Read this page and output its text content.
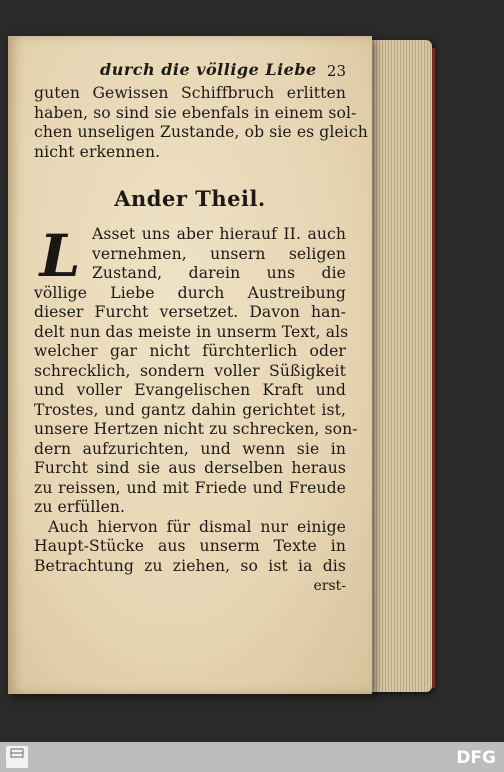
durch die völlige Liebe 23
guten Gewissen Schiffbruch erlitten
haben, so sind sie ebenfals in einem sol-
chen unseligen Zustande, ob sie es gleich
nicht erkennen.
Ander Theil.
L Asset uns aber hierauf II. auch
vernehmen, unsern seligen
Zustand, darein uns die
völlige Liebe durch Austreibung
dieser Furcht versetzet. Davon han-
delt nun das meiste in unserm Text, als
welcher gar nicht fürchterlich oder
schrecklich, sondern voller Süßigkeit
und voller Evangelischen Kraft und
Trostes, und gantz dahin gerichtet ist,
unsere Hertzen nicht zu schrecken, son-
dern aufzurichten, und wenn sie in
Furcht sind sie aus derselben heraus
zu reissen, und mit Friede und Freude
zu erfüllen.
Auch hiervon für dismal nur einige
Haupt-Stücke aus unserm Texte in
Betrachtung zu ziehen, so ist ia dis
erst-
DFG
